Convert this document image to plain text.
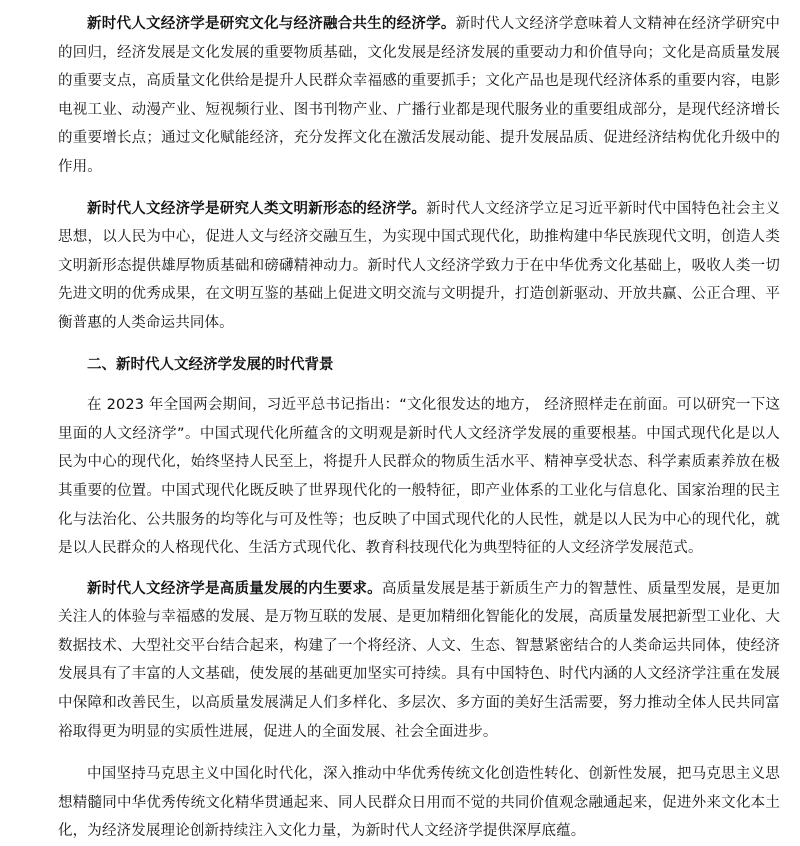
新时代人文经济学是研究文化与经济融合共生的经济学。新时代人文经济学意味着人文精神在经济学研究中的回归，经济发展是文化发展的重要物质基础，文化发展是经济发展的重要动力和价值导向；文化是高质量发展的重要支点，高质量文化供给是提升人民群众幸福感的重要抓手；文化产品也是现代经济体系的重要内容，电影电视工业、动漫产业、短视频行业、图书刊物产业、广播行业都是现代服务业的重要组成部分，是现代经济增长的重要增长点；通过文化赋能经济，充分发挥文化在激活发展动能、提升发展品质、促进经济结构优化升级中的作用。

新时代人文经济学是研究人类文明新形态的经济学。新时代人文经济学立足习近平新时代中国特色社会主义思想，以人民为中心，促进人文与经济交融互生，为实现中国式现代化，助推构建中华民族现代文明，创造人类文明新形态提供雄厚物质基础和磅礴精神动力。新时代人文经济学致力于在中华优秀文化基础上，吸收人类一切先进文明的优秀成果，在文明互鉴的基础上促进文明交流与文明提升，打造创新驱动、开放共赢、公正合理、平衡普惠的人类命运共同体。

二、新时代人文经济学发展的时代背景

在 2023 年全国两会期间，习近平总书记指出：“文化很发达的地方， 经济照样走在前面。可以研究一下这里面的人文经济学”。中国式现代化所蕴含的文明观是新时代人文经济学发展的重要根基。中国式现代化是以人民为中心的现代化，始终坚持人民至上，将提升人民群众的物质生活水平、精神享受状态、科学素质素养放在极其重要的位置。中国式现代化既反映了世界现代化的一般特征，即产业体系的工业化与信息化、国家治理的民主化与法治化、公共服务的均等化与可及性等；也反映了中国式现代化的人民性，就是以人民为中心的现代化，就是以人民群众的人格现代化、生活方式现代化、教育科技现代化为典型特征的人文经济学发展范式。

新时代人文经济学是高质量发展的内生要求。高质量发展是基于新质生产力的智慧性、质量型发展，是更加关注人的体验与幸福感的发展、是万物互联的发展、是更加精细化智能化的发展，高质量发展把新型工业化、大数据技术、大型社交平台结合起来，构建了一个将经济、人文、生态、智慧紧密结合的人类命运共同体，使经济发展具有了丰富的人文基础，使发展的基础更加坚实可持续。具有中国特色、时代内涵的人文经济学注重在发展中保障和改善民生，以高质量发展满足人们多样化、多层次、多方面的美好生活需要，努力推动全体人民共同富裕取得更为明显的实质性进展，促进人的全面发展、社会全面进步。

中国坚持马克思主义中国化时代化，深入推动中华优秀传统文化创造性转化、创新性发展，把马克思主义思想精髓同中华优秀传统文化精华贯通起来、同人民群众日用而不觉的共同价值观念融通起来，促进外来文化本土化，为经济发展理论创新持续注入文化力量，为新时代人文经济学提供深厚底蕴。
